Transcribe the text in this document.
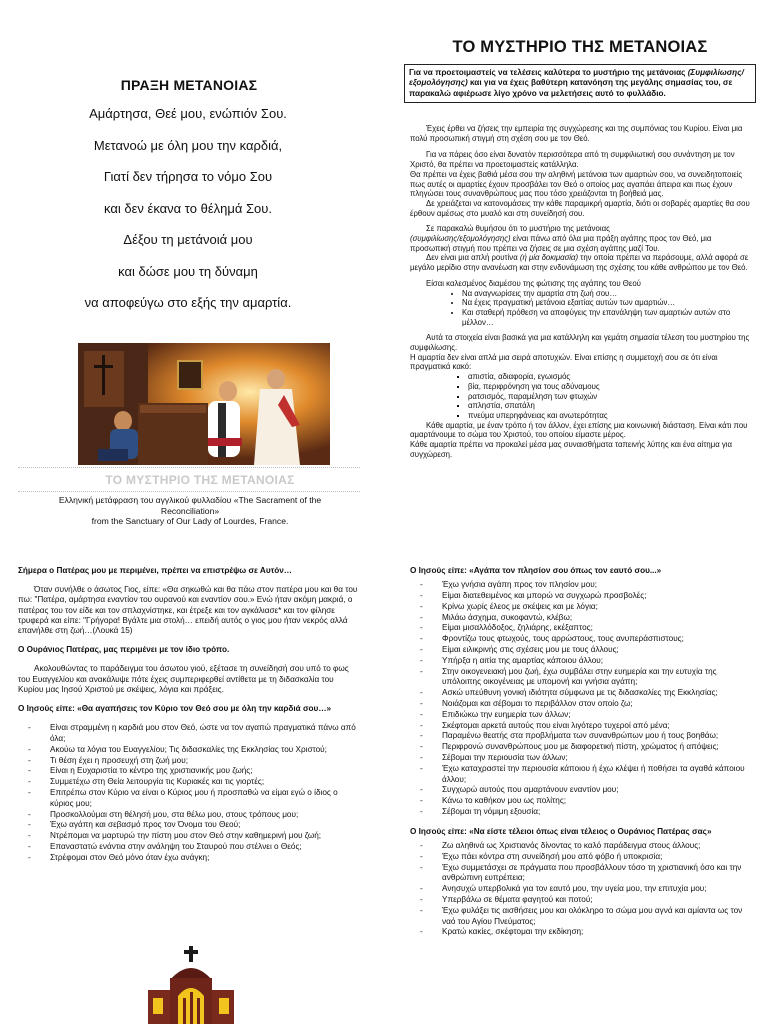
ΠΡΑΞΗ ΜΕΤΑΝΟΙΑΣ
Αμάρτησα, Θεέ μου, ενώπιόν Σου.
Μετανοώ με όλη μου την καρδιά,
Γιατί δεν τήρησα το νόμο Σου
και δεν έκανα το θέλημά Σου.
Δέξου τη μετάνοιά μου
και δώσε μου τη δύναμη
να αποφεύγω στο εξής την αμαρτία.
ΤΟ ΜΥΣΤΗΡΙΟ ΤΗΣ ΜΕΤΑΝΟΙΑΣ
Ελληνική μετάφραση του αγγλικού φυλλαδίου «The Sacrament of the
Reconciliation»
from the Sanctuary of Our Lady of Lourdes, France.
ΤΟ ΜΥΣΤΗΡΙΟ ΤΗΣ ΜΕΤΑΝΟΙΑΣ
Για να προετοιμαστείς να τελέσεις καλύτερα το μυστήριο της μετάνοιας (Συμφιλίωσης/εξομολόγησης) και για να έχεις βαθύτερη κατανόηση της μεγάλης σημασίας του, σε παρακαλώ αφιέρωσε λίγο χρόνο να μελετήσεις αυτό το φυλλάδιο.

Έχεις έρθει να ζήσεις την εμπειρία της συγχώρεσης και της συμπόνιας του Κυρίου. Είναι μια πολύ προσωπική στιγμή στη σχέση σου με τον Θεό.

Για να πάρεις όσο είναι δυνατόν περισσότερα από τη συμφιλιωτική σου συνάντηση με τον Χριστό, θα πρέπει να προετοιμαστείς κατάλληλα.

Θα πρέπει να έχεις βαθιά μέσα σου την αληθινή μετάνοια των αμαρτιών σου, να συνειδητοποιείς πως αυτές οι αμαρτίες έχουν προσβάλει τον Θεό ο οποίος μας αγαπάει άπειρα και πως έχουν πληγώσει τους συνανθρώπους μας που τόσο χρειάζονται τη βοήθειά μας.

Δε χρειάζεται να κατονομάσεις την κάθε παραμικρή αμαρτία, διότι οι σοβαρές αμαρτίες θα σου έρθουν αμέσως στο μυαλό και στη συνείδησή σου.

Σε παρακαλώ θυμήσου ότι το μυστήριο της μετάνοιας
(συμφιλίωσης/εξομολόγησης) είναι πάνω από όλα μια πράξη αγάπης προς τον Θεό, μια προσωπική στιγμή που πρέπει να ζήσεις σε μια σχέση αγάπης μαζί Του.

Δεν είναι μια απλή ρουτίνα (ή μία δοκιμασία) την οποία πρέπει να περάσουμε, αλλά αφορά σε μεγάλο μερίδιο στην ανανέωση και στην ενδυνάμωση της σχέσης του κάθε ανθρώπου με τον Θεό.

Είσαι καλεσμένος διαμέσου της φώτισης της αγάπης του Θεού

• Να αναγνωρίσεις την αμαρτία στη ζωή σου…
• Να έχεις πραγματική μετάνοια εξαιτίας αυτών των αμαρτιών…
• Και σταθερή πρόθεση να αποφύγεις την επανάληψη των αμαρτιών αυτών στο μέλλον…

Αυτά τα στοιχεία είναι βασικά για μια κατάλληλη και γεμάτη σημασία τέλεση του μυστηρίου της συμφιλίωσης.

Η αμαρτία δεν είναι απλά μια σειρά αποτυχιών. Είναι επίσης η συμμετοχή σου σε ότι είναι πραγματικά κακό:

▪ απιστία, αδιαφορία, εγωισμός
▪ βία, περιφρόνηση για τους αδύναμους
▪ ρατσισμός, παραμέληση των φτωχών
▪ απληστία, σπατάλη
▪ πνεύμα υπερηφάνειας και ανωτερότητας

Κάθε αμαρτία, με έναν τρόπο ή τον άλλον, έχει επίσης μια κοινωνική διάσταση. Είναι κάτι που αμαρτάνουμε το σώμα του Χριστού, του οποίου είμαστε μέρος.

Κάθε αμαρτία πρέπει να προκαλεί μέσα μας συναισθήματα ταπεινής λύπης και ένα αίτημα για συγχώρεση.

Σήμερα ο Πατέρας μου με περιμένει, πρέπει να επιστρέψω σε Αυτόν…

Όταν συνήλθε ο άσωτος Γιος, είπε: «Θα σηκωθώ και θα πάω στον πατέρα μου και θα του πω: "Πατέρα, αμάρτησα εναντίον του ουρανού και εναντίον σου.» Ενώ ήταν ακόμη μακριά, ο πατέρας του τον είδε και τον σπλαχνίστηκε, και έτρεξε και τον αγκάλιασε* και τον φίλησε τρυφερά και είπε: "Γρήγορα! Βγάλτε μια στολή… επειδή αυτός ο γιος μου ήταν νεκρός αλλά επανήλθε στη ζωή…(Λουκά 15)

Ο Ουράνιος Πατέρας, μας περιμένει με τον ίδιο τρόπο.

Ακολουθώντας το παράδειγμα του άσωτου γιού, εξέτασε τη συνείδησή σου υπό το φως του Ευαγγελίου και ανακάλυψε πότε έχεις συμπεριφερθεί αντίθετα με τη διδασκαλία του Κυρίου μας Ιησού Χριστού με σκέψεις, λόγια και πράξεις.

Ο Ιησούς είπε: «Θα αγαπήσεις τον Κύριο τον Θεό σου με όλη την καρδιά σου…»

- Είναι στραμμένη η καρδιά μου στον Θεό, ώστε να τον αγαπώ πραγματικά πάνω από όλα;
- Ακούω τα λόγια του Ευαγγελίου; Τις διδασκαλίες της Εκκλησίας του Χριστού;
- Τι θέση έχει η προσευχή στη ζωή μου;
- Είναι η Ευχαριστία το κέντρο της χριστιανικής μου ζωής;
- Συμμετέχω στη Θεία λειτουργία τις Κυριακές και τις γιορτές;
- Επιτρέπω στον Κύριο να είναι ο Κύριος μου ή προσπαθώ να είμαι εγώ ο ίδιος ο κύριος μου;
- Προσκολλούμαι στη θέλησή μου, στα θέλω μου, στους τρόπους μου;
- Έχω αγάπη και σεβασμό προς τον Όνομα του Θεού;
- Ντρέπομαι να μαρτυρώ την πίστη μου στον Θεό στην καθημερινή μου ζωή;
- Επαναστατώ ενάντια στην ανάληψη του Σταυρού που στέλνει ο Θεός;
- Στρέφομαι στον Θεό μόνο όταν έχω ανάγκη;

Ο Ιησούς είπε: «Αγάπα τον πλησίον σου όπως τον εαυτό σου...»

- Έχω γνήσια αγάπη προς τον πλησίον μου;
- Είμαι διατεθειμένος και μπορώ να συγχωρώ προσβολές;
- Κρίνω χωρίς έλεος με σκέψεις και με λόγια;
- Μιλάω άσχημα, συκοφαντώ, κλέβω;
- Είμαι μισαλλόδοξος, ζηλιάρης, εκέξαπτος;
- Φροντίζω τους φτωχούς, τους αρρώστους, τους ανυπεράσπιστους;
- Είμαι ειλικρινής στις σχέσεις μου με τους άλλους;
- Υπήρξα η αιτία της αμαρτίας κάποιου άλλου;
- Στην οικογενειακή μου ζωή, έχω συμβάλει στην ευημερία και την ευτυχία της υπόλοιπης οικογένειας με υπομονή και γνήσια αγάπη;
- Ασκώ υπεύθυνη γονική ιδιότητα σύμφωνα με τις διδασκαλίες της Εκκλησίας;
- Νοιάζομαι και σέβομαι το περιβάλλον στον οποίο ζω;
- Επιδιώκω την ευημερία των άλλων;
- Σκέφτομαι αρκετά αυτούς που είναι λιγότερο τυχεροί από μένα;
- Παραμένω θεατής στα προβλήματα των συνανθρώπων μου ή τους βοηθάω;
- Περιφρονώ συνανθρώπους μου με διαφορετική πίστη, χρώματος ή απόψεις;
- Σέβομαι την περιουσία των άλλων;
- Έχω καταχραστεί την περιουσία κάποιου ή έχω κλέψει ή ποθήσει τα αγαθά κάποιου άλλου;
- Συγχωρώ αυτούς που αμαρτάνουν εναντίον μου;
- Κάνω το καθήκον μου ως πολίτης;
- Σέβομαι τη νόμιμη εξουσία;

Ο Ιησούς είπε: «Να είστε τέλειοι όπως είναι τέλειος ο Ουράνιος Πατέρας σας»

- Ζω αληθινά ως Χριστιανός δίνοντας το καλό παράδειγμα στους άλλους;
- Έχω πάει κόντρα στη συνείδησή μου από φόβο ή υποκρισία;
- Έχω συμμετάσχει σε πράγματα που προσβάλλουν τόσο τη χριστιανική όσο και την ανθρώπινη ευπρέπεια;
- Ανησυχώ υπερβολικά για τον εαυτό μου, την υγεία μου, την επιτυχία μου;
- Υπερβάλω σε θέματα φαγητού και ποτού;
- Έχω φυλάξει τις αισθήσεις μου και ολόκληρο το σώμα μου αγνά και αμίαντα ως τον ναό του Αγίου Πνεύματος;
- Κρατώ κακίες, σκέφτομαι την εκδίκηση;
